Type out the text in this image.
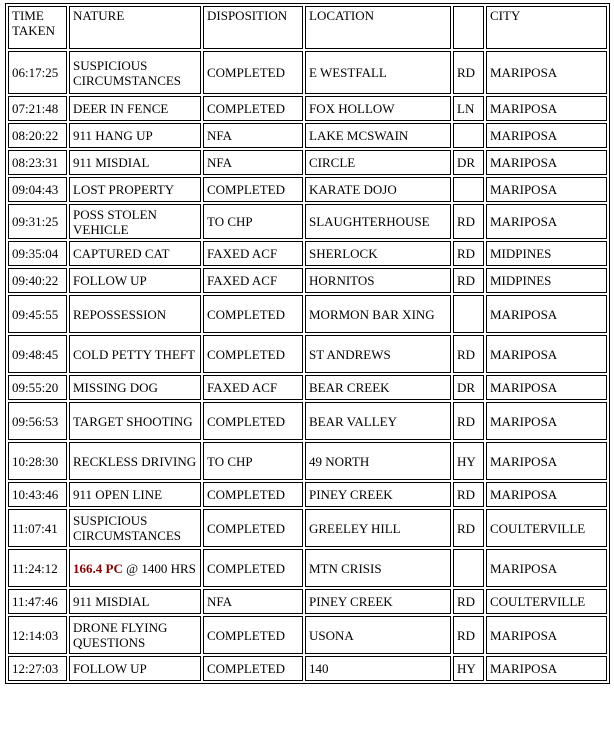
TIME TAKEN	NATURE	DISPOSITION	LOCATION		CITY
06:17:25	SUSPICIOUS CIRCUMSTANCES	COMPLETED	E WESTFALL	RD	MARIPOSA
07:21:48	DEER IN FENCE	COMPLETED	FOX HOLLOW	LN	MARIPOSA
08:20:22	911 HANG UP	NFA	LAKE MCSWAIN		MARIPOSA
08:23:31	911 MISDIAL	NFA	CIRCLE	DR	MARIPOSA
09:04:43	LOST PROPERTY	COMPLETED	KARATE DOJO		MARIPOSA
09:31:25	POSS STOLEN VEHICLE	TO CHP	SLAUGHTERHOUSE	RD	MARIPOSA
09:35:04	CAPTURED CAT	FAXED ACF	SHERLOCK	RD	MIDPINES
09:40:22	FOLLOW UP	FAXED ACF	HORNITOS	RD	MIDPINES
09:45:55	REPOSSESSION	COMPLETED	MORMON BAR XING		MARIPOSA
09:48:45	COLD PETTY THEFT	COMPLETED	ST ANDREWS	RD	MARIPOSA
09:55:20	MISSING DOG	FAXED ACF	BEAR CREEK	DR	MARIPOSA
09:56:53	TARGET SHOOTING	COMPLETED	BEAR VALLEY	RD	MARIPOSA
10:28:30	RECKLESS DRIVING	TO CHP	49 NORTH	HY	MARIPOSA
10:43:46	911 OPEN LINE	COMPLETED	PINEY CREEK	RD	MARIPOSA
11:07:41	SUSPICIOUS CIRCUMSTANCES	COMPLETED	GREELEY HILL	RD	COULTERVILLE
11:24:12	166.4 PC @ 1400 HRS	COMPLETED	MTN CRISIS		MARIPOSA
11:47:46	911 MISDIAL	NFA	PINEY CREEK	RD	COULTERVILLE
12:14:03	DRONE FLYING QUESTIONS	COMPLETED	USONA	RD	MARIPOSA
12:27:03	FOLLOW UP	COMPLETED	140	HY	MARIPOSA
